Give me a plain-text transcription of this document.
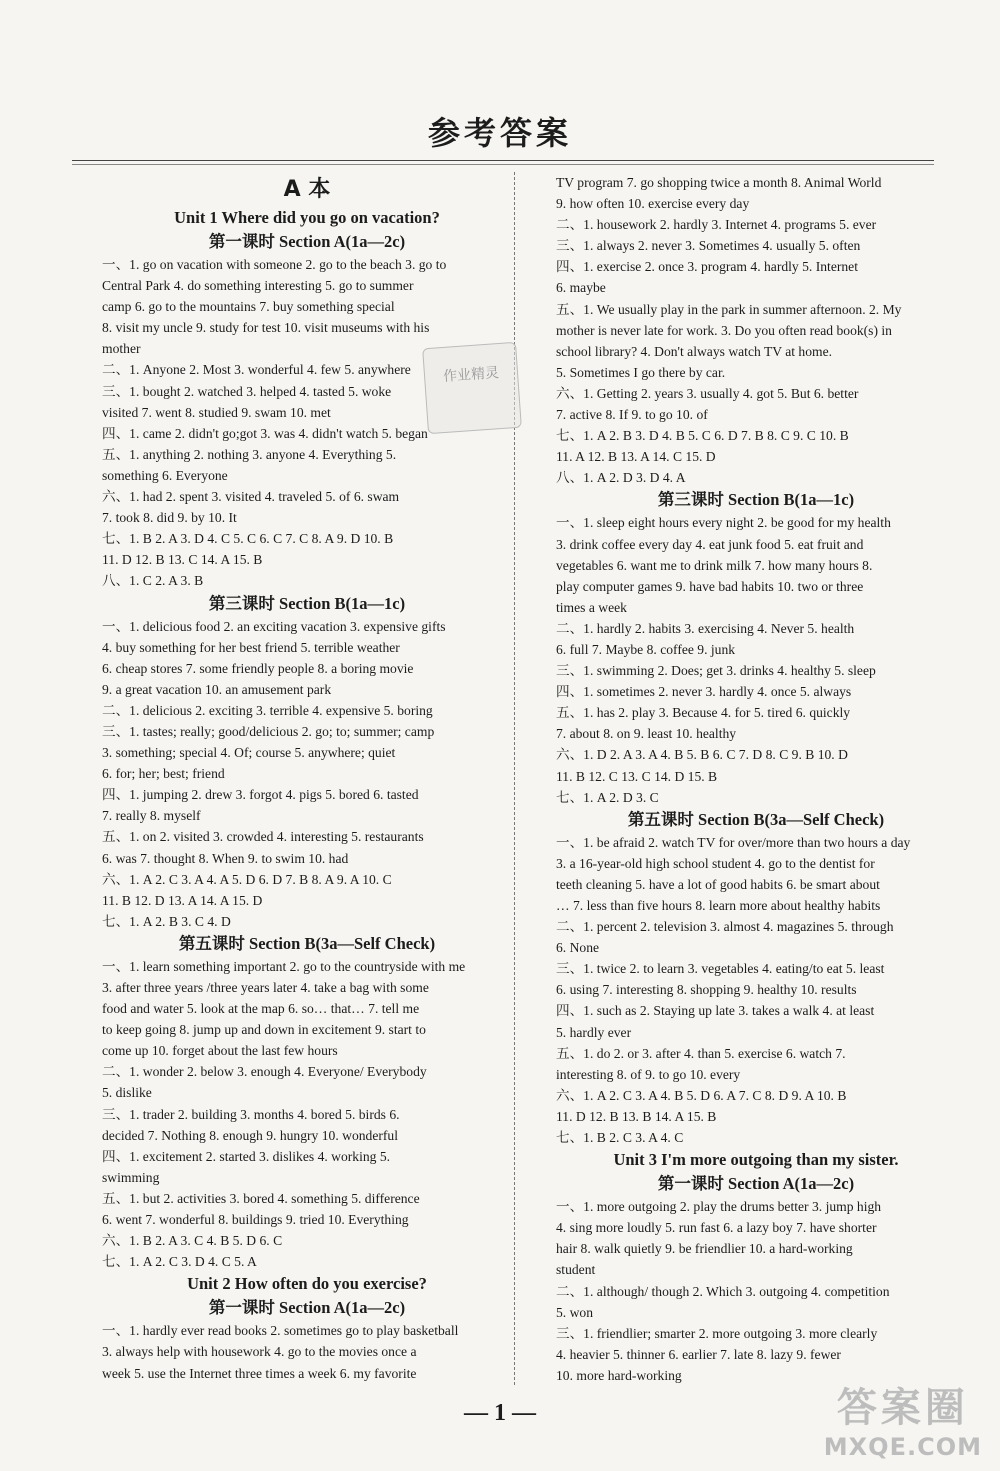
参考答案
A 本
Unit 1 Where did you go on vacation?
第一课时 Section A(1a—2c)
一、1. go on vacation with someone 2. go to the beach 3. go to
Central Park 4. do something interesting 5. go to summer
camp 6. go to the mountains 7. buy something special
8. visit my uncle 9. study for test 10. visit museums with his
mother
二、1. Anyone 2. Most 3. wonderful 4. few 5. anywhere
三、1. bought 2. watched 3. helped 4. tasted 5. woke
visited 7. went 8. studied 9. swam 10. met
四、1. came 2. didn't go;got 3. was 4. didn't watch 5. began
五、1. anything 2. nothing 3. anyone 4. Everything 5.
something 6. Everyone
六、1. had 2. spent 3. visited 4. traveled 5. of 6. swam
7. took 8. did 9. by 10. It
七、1. B 2. A 3. D 4. C 5. C 6. C 7. C 8. A 9. D 10. B
11. D 12. B 13. C 14. A 15. B
八、1. C 2. A 3. B
第三课时 Section B(1a—1c)
一、1. delicious food 2. an exciting vacation 3. expensive gifts
4. buy something for her best friend 5. terrible weather
6. cheap stores 7. some friendly people 8. a boring movie
9. a great vacation 10. an amusement park
二、1. delicious 2. exciting 3. terrible 4. expensive 5. boring
三、1. tastes; really; good/delicious 2. go; to; summer; camp
3. something; special 4. Of; course 5. anywhere; quiet
6. for; her; best; friend
四、1. jumping 2. drew 3. forgot 4. pigs 5. bored 6. tasted
7. really 8. myself
五、1. on 2. visited 3. crowded 4. interesting 5. restaurants
6. was 7. thought 8. When 9. to swim 10. had
六、1. A 2. C 3. A 4. A 5. D 6. D 7. B 8. A 9. A 10. C
11. B 12. D 13. A 14. A 15. D
七、1. A 2. B 3. C 4. D
第五课时 Section B(3a—Self Check)
一、1. learn something important 2. go to the countryside with me
3. after three years /three years later 4. take a bag with some
food and water 5. look at the map 6. so… that… 7. tell me
to keep going 8. jump up and down in excitement 9. start to
come up 10. forget about the last few hours
二、1. wonder 2. below 3. enough 4. Everyone/ Everybody
5. dislike
三、1. trader 2. building 3. months 4. bored 5. birds 6.
decided 7. Nothing 8. enough 9. hungry 10. wonderful
四、1. excitement 2. started 3. dislikes 4. working 5.
swimming
五、1. but 2. activities 3. bored 4. something 5. difference
6. went 7. wonderful 8. buildings 9. tried 10. Everything
六、1. B 2. A 3. C 4. B 5. D 6. C
七、1. A 2. C 3. D 4. C 5. A
Unit 2 How often do you exercise?
第一课时 Section A(1a—2c)
一、1. hardly ever read books 2. sometimes go to play basketball
3. always help with housework 4. go to the movies once a
week 5. use the Internet three times a week 6. my favorite
TV program 7. go shopping twice a month 8. Animal World
9. how often 10. exercise every day
二、1. housework 2. hardly 3. Internet 4. programs 5. ever
三、1. always 2. never 3. Sometimes 4. usually 5. often
四、1. exercise 2. once 3. program 4. hardly 5. Internet
6. maybe
五、1. We usually play in the park in summer afternoon. 2. My
mother is never late for work. 3. Do you often read book(s) in
school library? 4. Don't always watch TV at home.
5. Sometimes I go there by car.
六、1. Getting 2. years 3. usually 4. got 5. But 6. better
7. active 8. If 9. to go 10. of
七、1. A 2. B 3. D 4. B 5. C 6. D 7. B 8. C 9. C 10. B
11. A 12. B 13. A 14. C 15. D
八、1. A 2. D 3. D 4. A
第三课时 Section B(1a—1c)
一、1. sleep eight hours every night 2. be good for my health
3. drink coffee every day 4. eat junk food 5. eat fruit and
vegetables 6. want me to drink milk 7. how many hours 8.
play computer games 9. have bad habits 10. two or three
times a week
二、1. hardly 2. habits 3. exercising 4. Never 5. health
6. full 7. Maybe 8. coffee 9. junk
三、1. swimming 2. Does; get 3. drinks 4. healthy 5. sleep
四、1. sometimes 2. never 3. hardly 4. once 5. always
五、1. has 2. play 3. Because 4. for 5. tired 6. quickly
7. about 8. on 9. least 10. healthy
六、1. D 2. A 3. A 4. B 5. B 6. C 7. D 8. C 9. B 10. D
11. B 12. C 13. C 14. D 15. B
七、1. A 2. D 3. C
第五课时 Section B(3a—Self Check)
一、1. be afraid 2. watch TV for over/more than two hours a day
3. a 16-year-old high school student 4. go to the dentist for
teeth cleaning 5. have a lot of good habits 6. be smart about
… 7. less than five hours 8. learn more about healthy habits
二、1. percent 2. television 3. almost 4. magazines 5. through
6. None
三、1. twice 2. to learn 3. vegetables 4. eating/to eat 5. least
6. using 7. interesting 8. shopping 9. healthy 10. results
四、1. such as 2. Staying up late 3. takes a walk 4. at least
5. hardly ever
五、1. do 2. or 3. after 4. than 5. exercise 6. watch 7.
interesting 8. of 9. to go 10. every
六、1. A 2. C 3. A 4. B 5. D 6. A 7. C 8. D 9. A 10. B
11. D 12. B 13. B 14. A 15. B
七、1. B 2. C 3. A 4. C
Unit 3 I'm more outgoing than my sister.
第一课时 Section A(1a—2c)
一、1. more outgoing 2. play the drums better 3. jump high
4. sing more loudly 5. run fast 6. a lazy boy 7. have shorter
hair 8. walk quietly 9. be friendlier 10. a hard-working
student
二、1. although/ though 2. Which 3. outgoing 4. competition
5. won
三、1. friendlier; smarter 2. more outgoing 3. more clearly
4. heavier 5. thinner 6. earlier 7. late 8. lazy 9. fewer
10. more hard-working
作业精灵
— 1 —	答案圈
MXQE.COM
